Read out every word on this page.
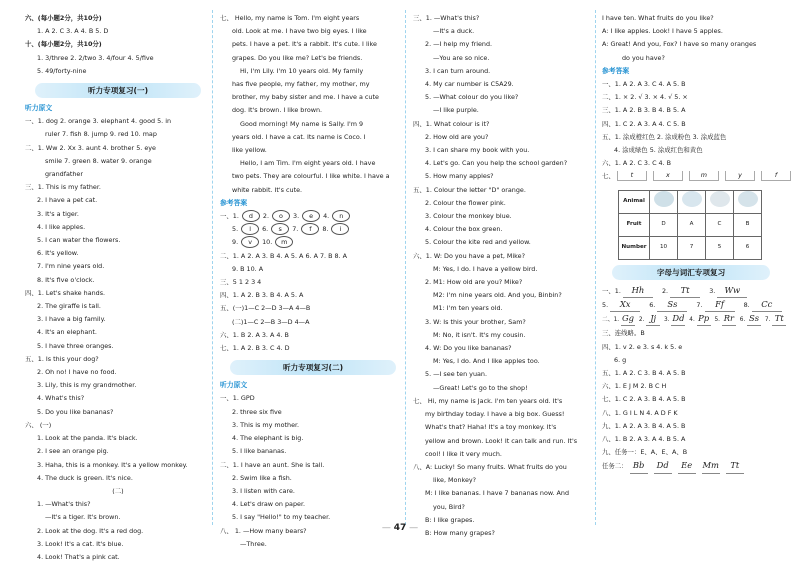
六、(每小题2分，共10分)
1. A 2. C 3. A 4. B 5. D
十、(每小题2分，共10分)
1. 3/three 2. 2/two 3. 4/four 4. 5/five
5. 49/forty-nine
听力专项复习(一)
听力原文
一、1. dog 2. orange 3. elephant 4. good 5. in
ruler 7. fish 8. jump 9. red 10. map
二、1. Ww 2. Xx 3. aunt 4. brother 5. eye
smile 7. green 8. water 9. orange
grandfather
三、1. This is my father.
2. I have a pet cat.
3. It's a tiger.
4. I like apples.
5. I can water the flowers.
6. It's yellow.
7. I'm nine years old.
8. It's five o'clock.
四、1. Let's shake hands.
2. The giraffe is tall.
3. I have a big family.
4. It's an elephant.
5. I have three oranges.
五、1. Is this your dog?
2. Oh no! I have no food.
3. Lily, this is my grandmother.
4. What's this?
5. Do you like bananas?
六、 (一)
1. Look at the panda. It's black.
2. I see an orange pig.
3. Haha, this is a monkey. It's a yellow monkey.
4. The duck is green. It's nice.
(二)
1. —What's this?
—It's a tiger. It's brown.
2. Look at the dog. It's a red dog.
3. Look! It's a cat. It's blue.
4. Look! That's a pink cat.
七、 Hello, my name is Tom. I'm eight years
old. Look at me. I have two big eyes. I like
pets. I have a pet. It's a rabbit. It's cute. I like
grapes. Do you like me? Let's be friends.
Hi, I'm Lily. I'm 10 years old. My family
has five people, my father, my mother, my
brother, my baby sister and me. I have a cute
dog. It's brown. I like brown.
Good morning! My name is Sally. I'm 9
years old. I have a cat. Its name is Coco. I
like yellow.
Hello, I am Tim. I'm eight years old. I have
two pets. They are colourful. I like white. I have a
white rabbit. It's cute.
参考答案
一、1. d 2. o 3. e 4. n
5. l 6. s 7. f 8. i
9. v 10. m
二、1. A 2. A 3. B 4. A 5. A 6. A 7. B 8. A
9. B 10. A
三、5 1 2 3 4
四、1. A 2. B 3. B 4. A 5. A
五、(一)1—C 2—D 3—A 4—B
(二)1—C 2—B 3—D 4—A
六、1. B 2. A 3. A 4. B
七、1. A 2. B 3. C 4. D
听力专项复习(二)
听力原文
一、1. GPD
2. three six five
3. This is my mother.
4. The elephant is big.
5. I like bananas.
二、1. I have an aunt. She is tall.
2. Swim like a fish.
3. I listen with care.
4. Let's draw on paper.
5. I say "Hello!" to my teacher.
八、 1. —How many bears?
—Three.
三、1. —What's this?
—It's a duck.
2. —I help my friend.
—You are so nice.
3. I can turn around.
4. My car number is C5A29.
5. —What colour do you like?
—I like purple.
四、1. What colour is it?
2. How old are you?
3. I can share my book with you.
4. Let's go. Can you help the school garden?
5. How many apples?
五、1. Colour the letter "D" orange.
2. Colour the flower pink.
3. Colour the monkey blue.
4. Colour the box green.
5. Colour the kite red and yellow.
六、1. W: Do you have a pet, Mike?
M: Yes, I do. I have a yellow bird.
2. M1: How old are you? Mike?
M2: I'm nine years old. And you, Binbin?
M1: I'm ten years old.
3. W: Is this your brother, Sam?
M: No, it isn't. It's my cousin.
4. W: Do you like bananas?
M: Yes, I do. And I like apples too.
5. —I see ten yuan.
—Great! Let's go to the shop!
七、 Hi, my name is Jack. I'm ten years old. It's
my birthday today. I have a big box. Guess!
What's that? Haha! It's a toy monkey. It's
yellow and brown. Look! It can talk and run. It's
cool! I like it very much.
八、A: Lucky! So many fruits. What fruits do you
like, Monkey?
M: I like bananas. I have 7 bananas now. And
you, Bird?
B: I like grapes.
B: How many grapes?
I have ten. What fruits do you like?
A: I like apples. Look! I have 5 apples.
A: Great! And you, Fox? I have so many oranges
do you have?
参考答案
一、1. A 2. A 3. C 4. A 5. B
二、1. × 2. √ 3. × 4. √ 5. ×
三、1. A 2. B 3. B 4. B 5. A
四、1. C 2. A 3. A 4. C 5. B
五、1. 涂成橙红色 2. 涂成粉色 3. 涂成蓝色
4. 涂成绿色 5. 涂成红色和黄色
六、1. A 2. C 3. C 4. B
七、 t	x	m	y	f
Animal				
Fruit	D	A	C	B
Number	10	7	5	6
字母与词汇专项复习
一、1. Hh	2. Tt	3. Ww
5. Xx	6. Ss	7. Ff	8. Cc
二、1. Gg 2. Jj 3. Dd 4. Pp 5. Rr 6. Ss 7. Tt
三、连线略。B
四、1. v 2. e 3. s 4. k 5. e
6. g
五、1. A 2. C 3. B 4. A 5. B
六、1. E J M 2. B C H
七、1. C 2. A 3. B 4. A 5. B
八、1. G I L N 4. A D F K
九、1. A 2. A 3. B 4. A 5. B
八、1. B 2. A 3. A 4. B 5. A
九、任务一：E、A、E、A、B
任务二： Bb Dd Ee Mm Tt
— 47 —
